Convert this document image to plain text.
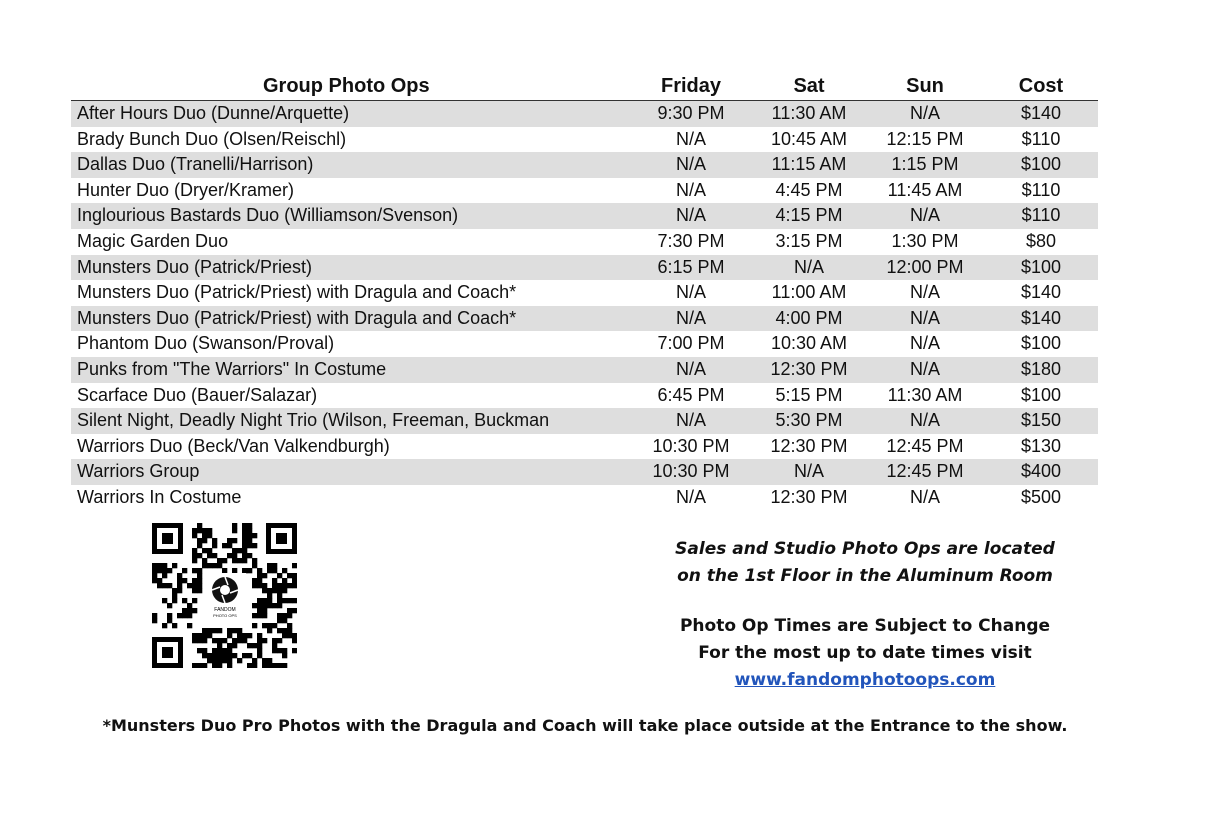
Group Photo Ops	Friday	Sat	Sun	Cost
After Hours Duo (Dunne/Arquette)	9:30 PM	11:30 AM	N/A	$140
Brady Bunch Duo (Olsen/Reischl)	N/A	10:45 AM	12:15 PM	$110
Dallas Duo (Tranelli/Harrison)	N/A	11:15 AM	1:15 PM	$100
Hunter Duo (Dryer/Kramer)	N/A	4:45 PM	11:45 AM	$110
Inglourious Bastards Duo (Williamson/Svenson)	N/A	4:15 PM	N/A	$110
Magic Garden Duo	7:30 PM	3:15 PM	1:30 PM	$80
Munsters Duo (Patrick/Priest)	6:15 PM	N/A	12:00 PM	$100
Munsters Duo (Patrick/Priest) with Dragula and Coach*	N/A	11:00 AM	N/A	$140
Munsters Duo (Patrick/Priest) with Dragula and Coach*	N/A	4:00 PM	N/A	$140
Phantom Duo (Swanson/Proval)	7:00 PM	10:30 AM	N/A	$100
Punks from "The Warriors" In Costume	N/A	12:30 PM	N/A	$180
Scarface Duo (Bauer/Salazar)	6:45 PM	5:15 PM	11:30 AM	$100
Silent Night, Deadly Night Trio (Wilson, Freeman, Buckman	N/A	5:30 PM	N/A	$150
Warriors Duo (Beck/Van Valkendburgh)	10:30 PM	12:30 PM	12:45 PM	$130
Warriors Group	10:30 PM	N/A	12:45 PM	$400
Warriors In Costume	N/A	12:30 PM	N/A	$500
FANDOM
PHOTO OPS
Sales and Studio Photo Ops are located
on the 1st Floor in the Aluminum Room
Photo Op Times are Subject to Change
For the most up to date times visit
www.fandomphotoops.com
*Munsters Duo Pro Photos with the Dragula and Coach will take place outside at the Entrance to the show.
